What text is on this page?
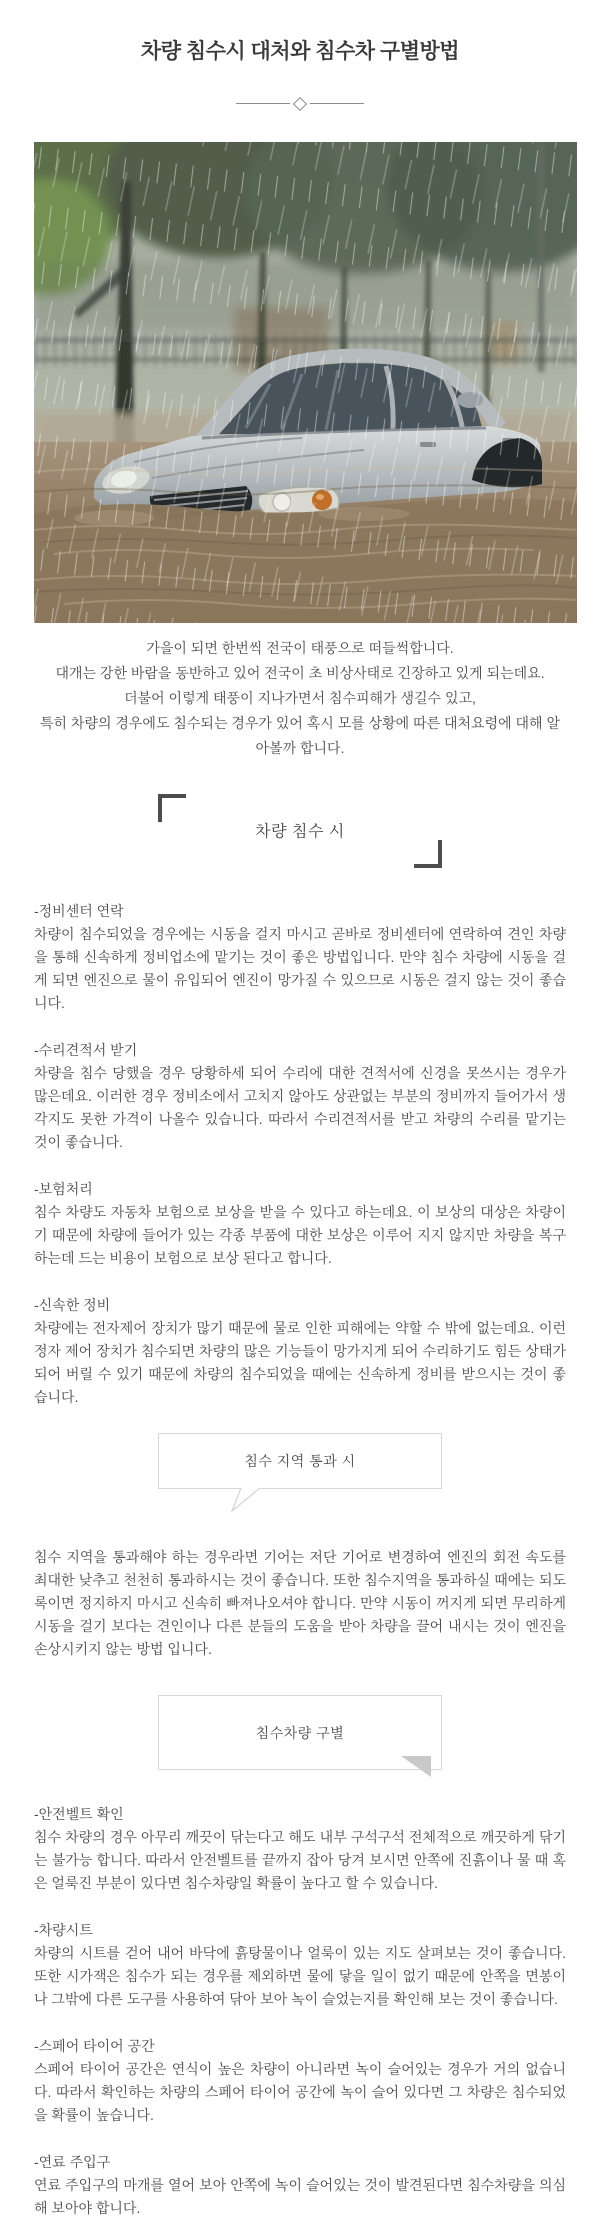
차량 침수시 대처와 침수차 구별방법

가을이 되면 한번씩 전국이 태풍으로 떠들썩합니다.

대개는 강한 바람을 동반하고 있어 전국이 초 비상사태로 긴장하고 있게 되는데요.

더불어 이렇게 태풍이 지나가면서 침수피해가 생길수 있고,

특히 차량의 경우에도 침수되는 경우가 있어 혹시 모를 상황에 따른 대처요령에 대해 알아볼까 합니다.

차량 침수 시

-정비센터 연락

차량이 침수되었을 경우에는 시동을 걸지 마시고 곧바로 정비센터에 연락하여 견인 차량을 통해 신속하게 정비업소에 맡기는 것이 좋은 방법입니다. 만약 침수 차량에 시동을 걸게 되면 엔진으로 물이 유입되어 엔진이 망가질 수 있으므로 시동은 걸지 않는 것이 좋습니다.

-수리견적서 받기

차량을 침수 당했을 경우 당황하세 되어 수리에 대한 견적서에 신경을 못쓰시는 경우가 많은데요. 이러한 경우 정비소에서 고치지 않아도 상관없는 부분의 정비까지 들어가서 생각지도 못한 가격이 나올수 있습니다. 따라서 수리견적서를 받고 차량의 수리를 맡기는 것이 좋습니다.

-보험처리

침수 차량도 자동차 보험으로 보상을 받을 수 있다고 하는데요. 이 보상의 대상은 차량이기 때문에 차량에 들어가 있는 각종 부품에 대한 보상은 이루어 지지 않지만 차량을 복구하는데 드는 비용이 보험으로 보상 된다고 합니다.

-신속한 정비

차량에는 전자제어 장치가 많기 때문에 물로 인한 피해에는 약할 수 밖에 없는데요. 이런 정자 제어 장치가 침수되면 차량의 많은 기능들이 망가지게 되어 수리하기도 힘든 상태가 되어 버릴 수 있기 때문에 차량의 침수되었을 때에는 신속하게 정비를 받으시는 것이 좋습니다.

침수 지역 통과 시

침수 지역을 통과해야 하는 경우라면 기어는 저단 기어로 변경하여 엔진의 회전 속도를 최대한 낮추고 천천히 통과하시는 것이 좋습니다. 또한 침수지역을 통과하실 때에는 되도록이면 정지하지 마시고 신속히 빠져나오셔야 합니다. 만약 시동이 꺼지게 되면 무리하게 시동을 걸기 보다는 견인이나 다른 분들의 도움을 받아 차량을 끌어 내시는 것이 엔진을 손상시키지 않는 방법 입니다.

침수차량 구별

-안전벨트 확인

침수 차량의 경우 아무리 깨끗이 닦는다고 해도 내부 구석구석 전체적으로 깨끗하게 닦기는 불가능 합니다. 따라서 안전벨트를 끝까지 잡아 당겨 보시면 안쪽에 진흙이나 물 때 혹은 얼룩진 부분이 있다면 침수차량일 확률이 높다고 할 수 있습니다.

-차량시트

차량의 시트를 걷어 내어 바닥에 흙탕물이나 얼룩이 있는 지도 살펴보는 것이 좋습니다. 또한 시가잭은 침수가 되는 경우를 제외하면 물에 닿을 일이 없기 때문에 안쪽을 면봉이나 그밖에 다른 도구를 사용하여 닦아 보아 녹이 슬었는지를 확인해 보는 것이 좋습니다.

-스페어 타이어 공간

스페어 타이어 공간은 연식이 높은 차량이 아니라면 녹이 슬어있는 경우가 거의 없습니다. 따라서 확인하는 차량의 스페어 타이어 공간에 녹이 슬어 있다면 그 차량은 침수되었을 확률이 높습니다.

-연료 주입구

연료 주입구의 마개를 열어 보아 안쪽에 녹이 슬어있는 것이 발견된다면 침수차량을 의심해 보아야 합니다.
